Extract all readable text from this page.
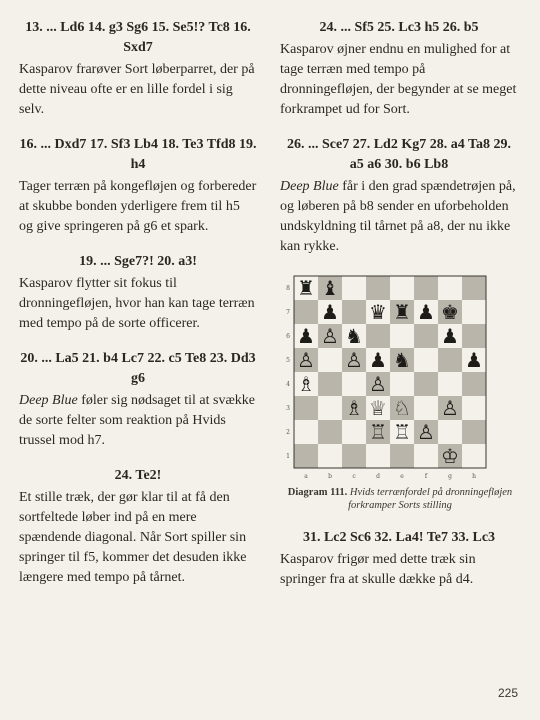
13. ... Ld6 14. g3 Sg6 15. Se5!? Tc8 16. Sxd7

Kasparov frarøver Sort løberparret, der på dette niveau ofte er en lille fordel i sig selv.

16. ... Dxd7 17. Sf3 Lb4 18. Te3 Tfd8 19. h4

Tager terræn på kongefløjen og forbereder at skubbe bonden yderligere frem til h5 og give springeren på g6 et spark.

19. ... Sge7?! 20. a3!

Kasparov flytter sit fokus til dronningefløjen, hvor han kan tage terræn med tempo på de sorte officerer.

20. ... La5 21. b4 Lc7 22. c5 Te8 23. Dd3 g6

Deep Blue føler sig nødsaget til at svække de sorte felter som reaktion på Hvids trussel mod h7.

24. Te2!

Et stille træk, der gør klar til at få den sortfeltede løber ind på en mere spændende diagonal. Når Sort spiller sin springer til f5, kommer det desuden ikke længere med tempo på tårnet.

24. ... Sf5 25. Lc3 h5 26. b5

Kasparov øjner endnu en mulighed for at tage terræn med tempo på dronningefløjen, der begynder at se meget forkrampet ud for Sort.

26. ... Sce7 27. Ld2 Kg7 28. a4 Ta8 29. a5 a6 30. b6 Lb8

Deep Blue får i den grad spændetrøjen på, og løberen på b8 sender en uforbeholden undskyldning til tårnet på a8, der nu ikke kan rykke.

8
7
6
5
4
3
2
1
a	b	c	d	e	f	g	h
♜ ♝
♟ ♛ ♜ ♟ ♚
♟ ♙ ♞	♟
♙ ♙ ♟ ♞	♟
♗	♙
♗ ♕ ♘ ♙
♖ ♖ ♙
♔

Diagram 111. Hvids terrænfordel på dronningefløjen forkramper Sorts stilling

31. Lc2 Sc6 32. La4! Te7 33. Lc3

Kasparov frigør med dette træk sin springer fra at skulle dække på d4.

225
